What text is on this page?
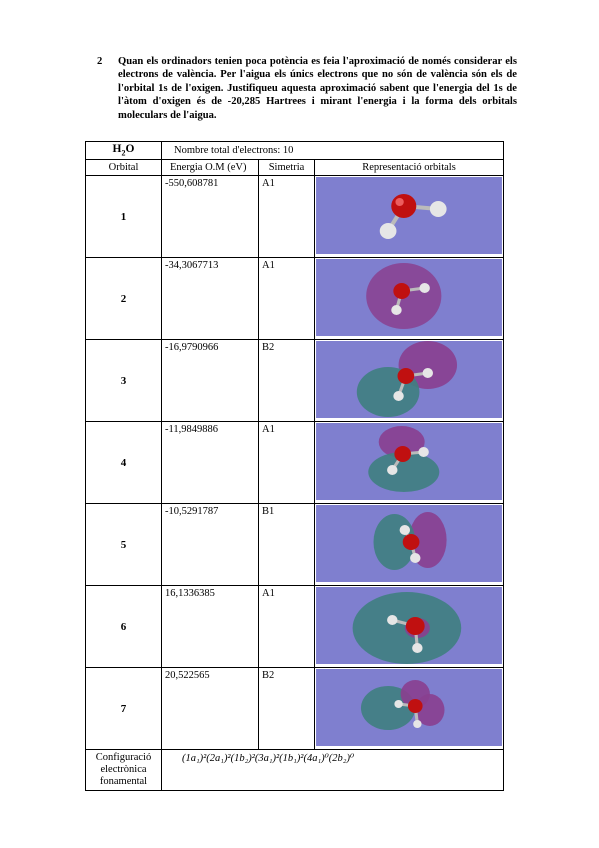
2 Quan els ordinadors tenien poca potència es feia l'aproximació de només considerar els electrons de valència. Per l'aigua els únics electrons que no són de valència són els de l'orbital 1s de l'oxigen. Justifiqueu aquesta aproximació sabent que l'energia del 1s de l'àtom d'oxigen és de -20,285 Hartrees i mirant l'energia i la forma dels orbitals moleculars de l'aigua.
$H_2O$	Nombre total d'electrons: 10		
Orbital	Energia O.M (eV)	Simetria	Representació orbitals
1	-550,608781	A1	

2	-34,3067713	A1	

3	-16,9790966	B2	

4	-11,9849886	A1	

5	-10,5291787	B1	

6	16,1336385	A1	

7	20,522565	B2	

Configuració electrònica fonamental	(1a₁)²(2a₁)²(1b₂)²(3a₁)²(1b₁)²(4a₁)⁰(2b₂)⁰		
